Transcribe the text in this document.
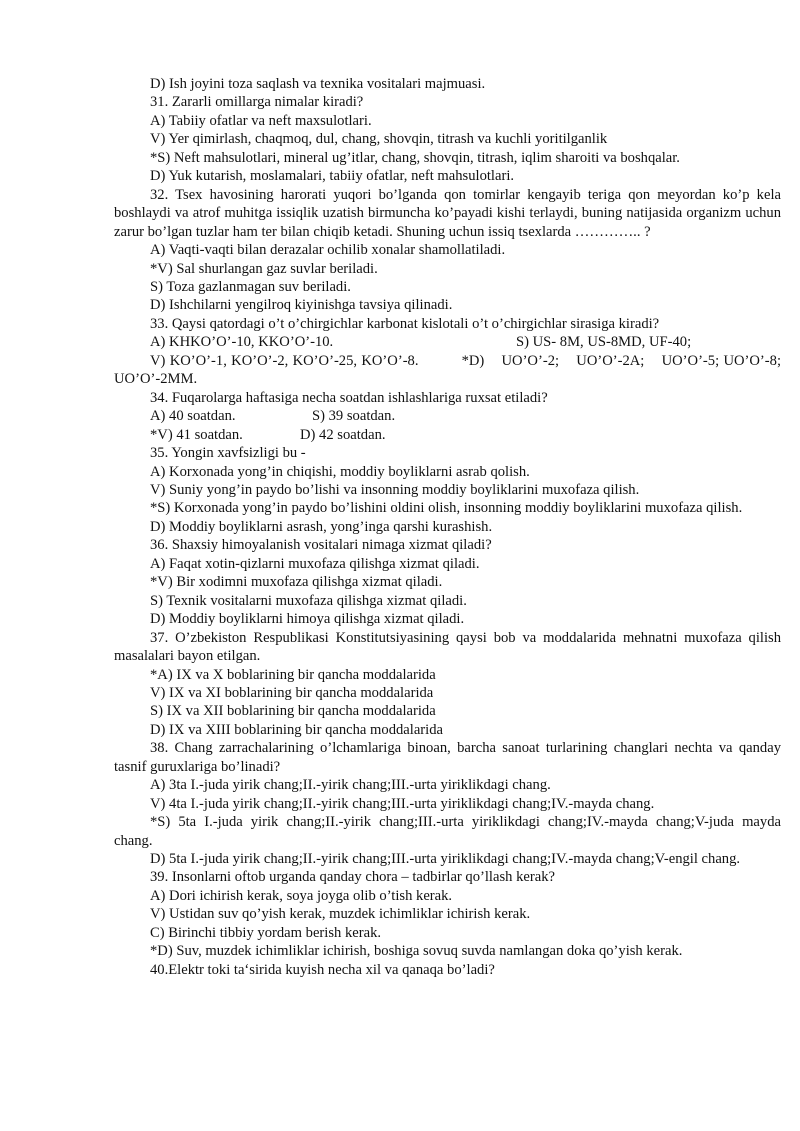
D) Ish joyini toza saqlash va texnika vositalari majmuasi.

31. Zararli omillarga nimalar kiradi?

A) Tabiiy ofatlar va neft maxsulotlari.

V) Yer qimirlash, chaqmoq, dul, chang, shovqin, titrash va kuchli yoritilganlik

*S) Neft mahsulotlari, mineral ug’itlar, chang, shovqin, titrash, iqlim sharoiti va boshqalar.

D) Yuk kutarish, moslamalari, tabiiy ofatlar, neft mahsulotlari.

32. Tsex havosining harorati yuqori bo’lganda qon tomirlar kengayib teriga qon meyordan ko’p kela boshlaydi va atrof muhitga issiqlik uzatish birmuncha ko’payadi kishi terlaydi, buning natijasida organizm uchun zarur bo’lgan tuzlar ham ter bilan chiqib ketadi. Shuning uchun issiq tsexlarda ………….. ?

A) Vaqti-vaqti bilan derazalar ochilib xonalar shamollatiladi.

*V) Sal shurlangan gaz suvlar beriladi.

S) Toza gazlanmagan suv beriladi.

D) Ishchilarni yengilroq kiyinishga tavsiya qilinadi.

33. Qaysi qatordagi o’t o’chirgichlar karbonat kislotali o’t o’chirgichlar sirasiga kiradi?

A) KHKO’O’-10, KKO’O’-10.	S) US- 8M, US-8MD, UF-40;

V) KO’O’-1, KO’O’-2, KO’O’-25, KO’O’-8.          *D)    UO’O’-2;    UO’O’-2A;    UO’O’-5; UO’O’-8; UO’O’-2MM.

34. Fuqarolarga haftasiga necha soatdan ishlashlariga ruxsat etiladi?

A) 40 soatdan.	S) 39 soatdan.
*V) 41 soatdan.	D) 42 soatdan.

35. Yongin xavfsizligi bu -

A) Korxonada yong’in chiqishi, moddiy boyliklarni asrab qolish.

V) Suniy yong’in paydo bo’lishi va insonning moddiy boyliklarini muxofaza qilish.

*S) Korxonada yong’in paydo bo’lishini oldini olish, insonning moddiy boyliklarini muxofaza qilish.

D) Moddiy boyliklarni asrash, yong’inga qarshi kurashish.

36. Shaxsiy himoyalanish vositalari nimaga xizmat qiladi?

A) Faqat xotin-qizlarni muxofaza qilishga xizmat qiladi.

*V) Bir xodimni muxofaza qilishga xizmat qiladi.

S) Texnik vositalarni muxofaza qilishga xizmat qiladi.

D) Moddiy boyliklarni himoya qilishga xizmat qiladi.

37. O’zbekiston Respublikasi Konstitutsiyasining qaysi bob va moddalarida mehnatni muxofaza qilish masalalari bayon etilgan.

*A) IX va X boblarining bir qancha moddalarida

V) IX va XI boblarining bir qancha moddalarida

S) IX va XII boblarining bir qancha moddalarida

D) IX va XIII boblarining bir qancha moddalarida

38. Chang zarrachalarining o’lchamlariga binoan, barcha sanoat turlarining changlari nechta va qanday tasnif guruxlariga bo’linadi?

A) 3ta I.-juda yirik chang;II.-yirik chang;III.-urta yiriklikdagi chang.

V) 4ta I.-juda yirik chang;II.-yirik chang;III.-urta yiriklikdagi chang;IV.-mayda chang.

*S) 5ta I.-juda yirik chang;II.-yirik chang;III.-urta yiriklikdagi chang;IV.-mayda chang;V-juda mayda chang.

D) 5ta I.-juda yirik chang;II.-yirik chang;III.-urta yiriklikdagi chang;IV.-mayda chang;V-engil chang.

39. Insonlarni oftob urganda qanday chora – tadbirlar qo’llash kerak?

A) Dori ichirish kerak, soya joyga olib o’tish kerak.

V) Ustidan suv qo’yish kerak, muzdek ichimliklar ichirish kerak.

C) Birinchi tibbiy yordam berish kerak.

*D) Suv, muzdek ichimliklar ichirish, boshiga sovuq suvda namlangan doka qo’yish kerak.

40.Elektr toki ta‘sirida kuyish necha xil va qanaqa bo’ladi?
